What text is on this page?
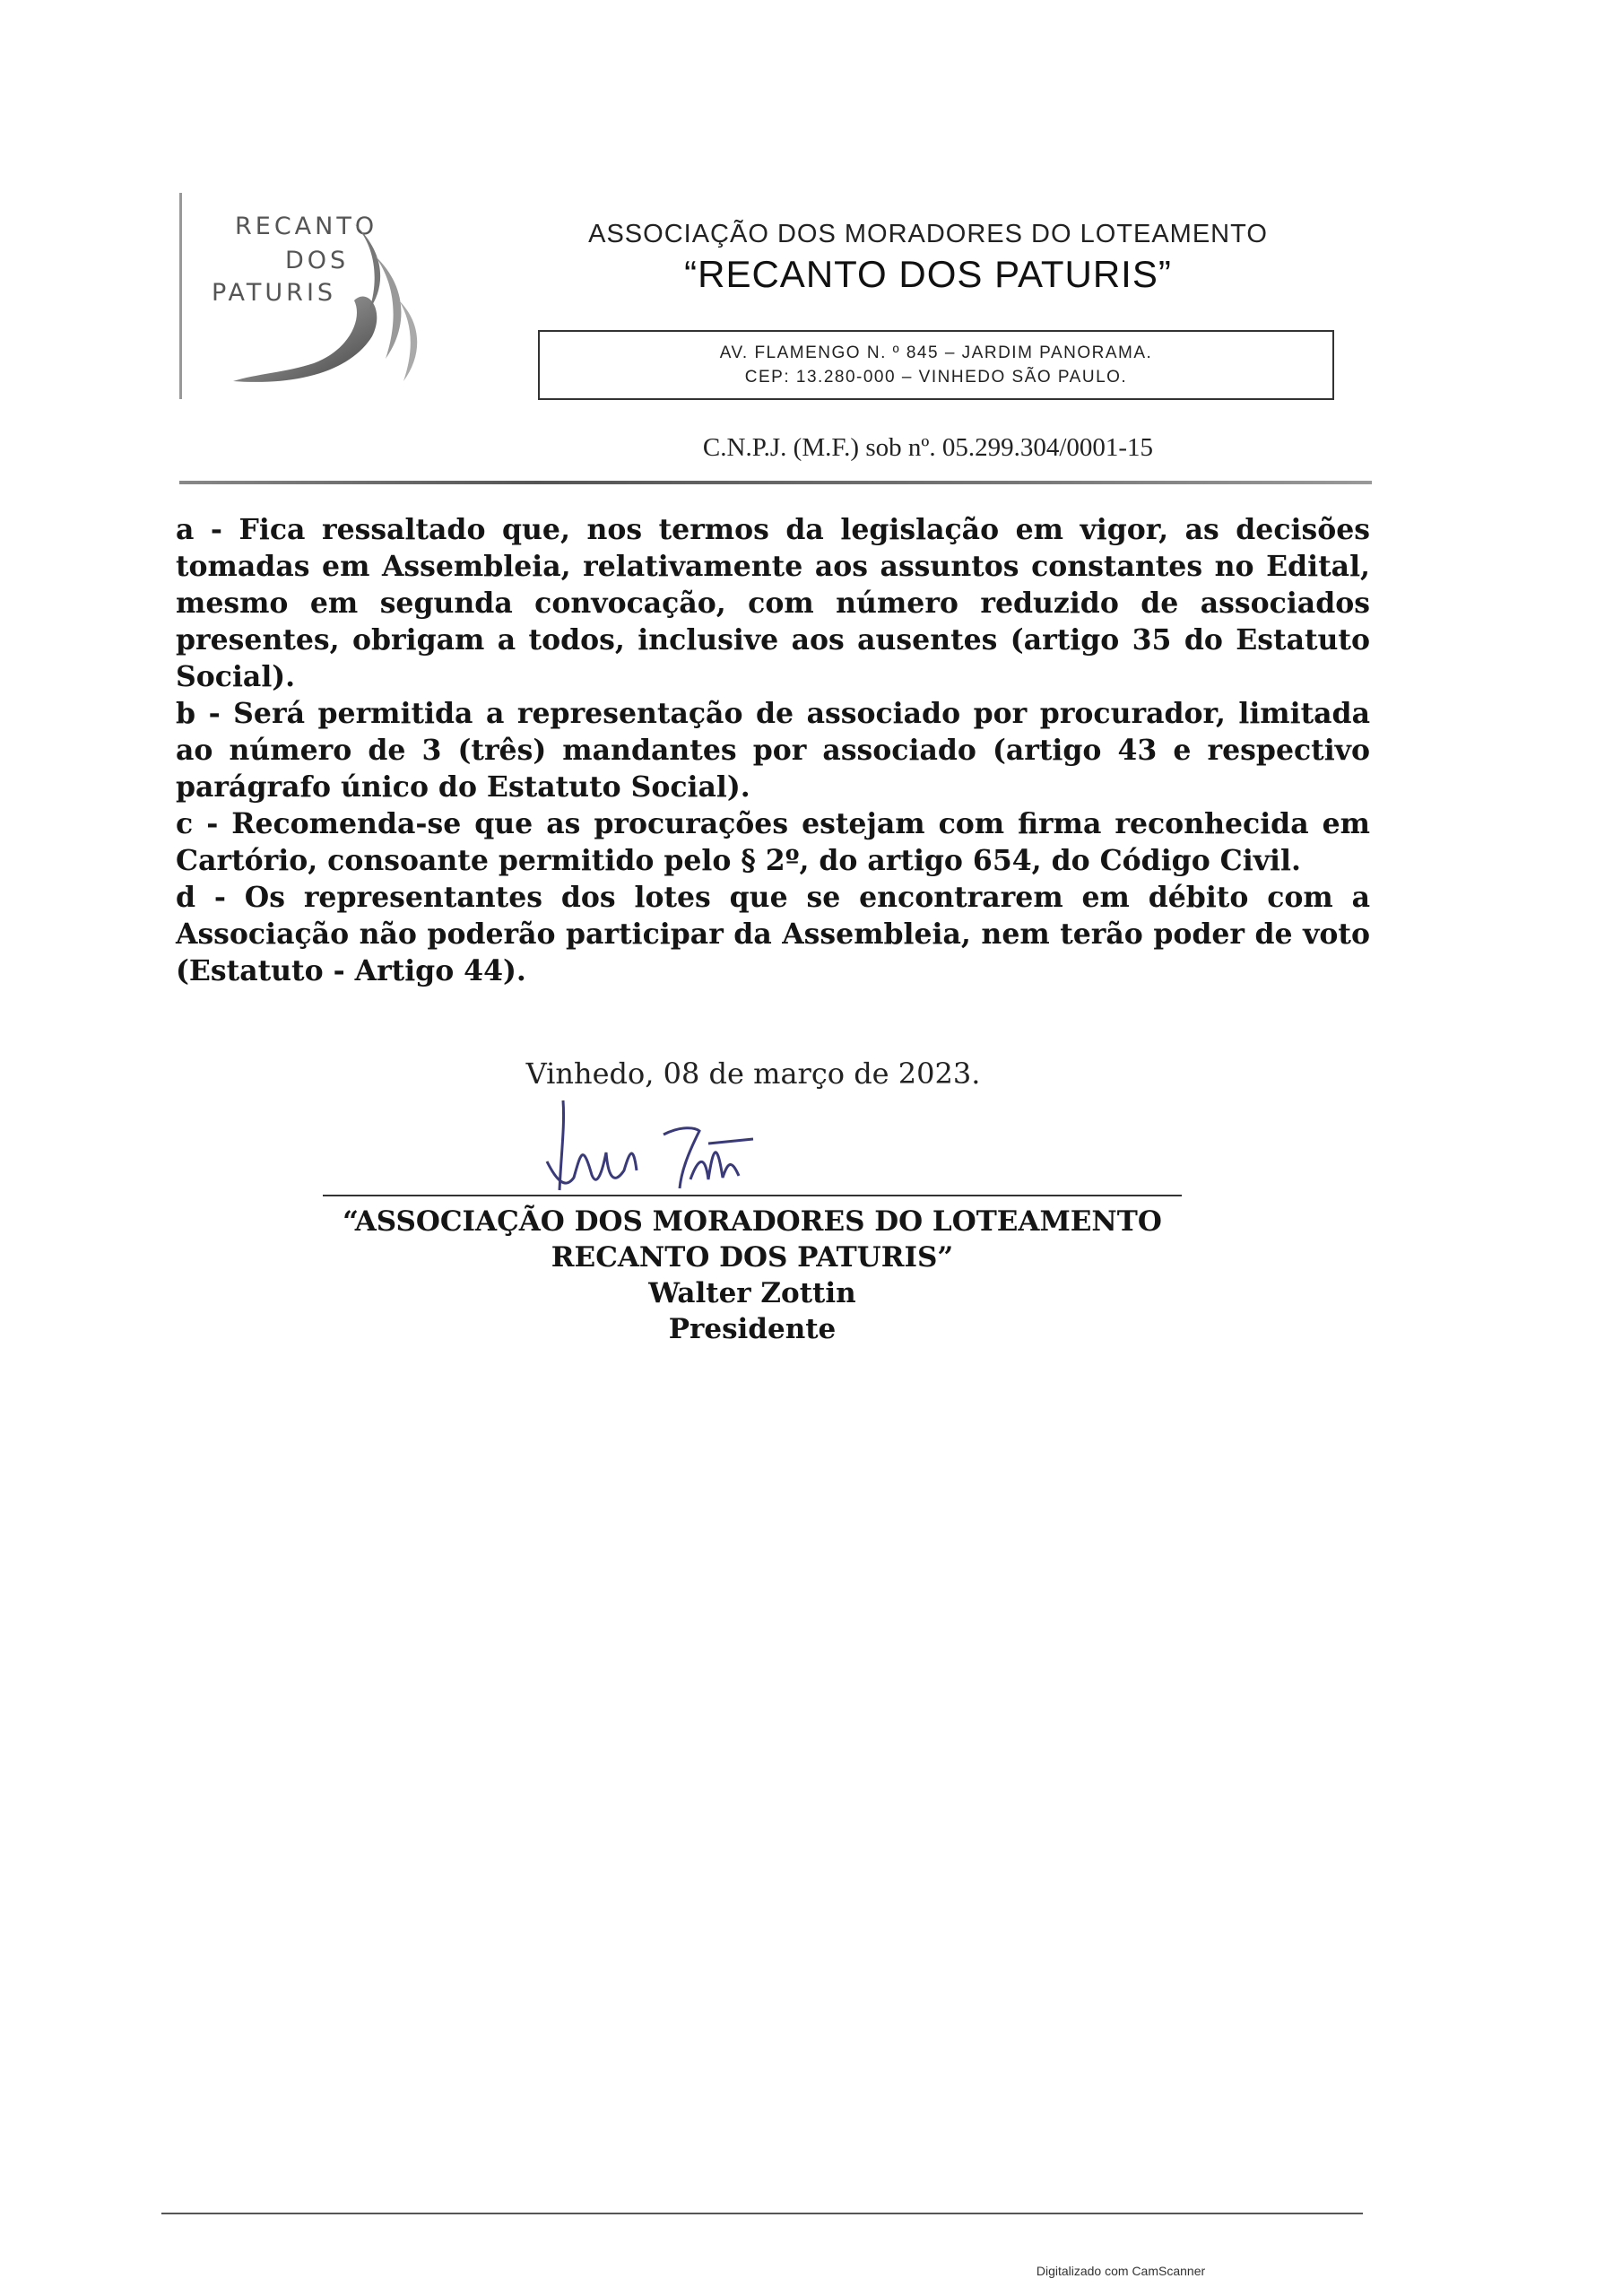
RECANTO
DOS
PATURIS
ASSOCIAÇÃO DOS MORADORES DO LOTEAMENTO
“RECANTO DOS PATURIS”
AV. FLAMENGO N. º 845 – JARDIM PANORAMA.
CEP: 13.280-000 – VINHEDO SÃO PAULO.
C.N.P.J. (M.F.) sob nº. 05.299.304/0001-15

a - Fica ressaltado que, nos termos da legislação em vigor, as decisões tomadas em Assembleia, relativamente aos assuntos constantes no Edital, mesmo em segunda convocação, com número reduzido de associados presentes, obrigam a todos, inclusive aos ausentes (artigo 35 do Estatuto Social).

b - Será permitida a representação de associado por procurador, limitada ao número de 3 (três) mandantes por associado (artigo 43 e respectivo parágrafo único do Estatuto Social).

c - Recomenda-se que as procurações estejam com firma reconhecida em Cartório, consoante permitido pelo § 2º, do artigo 654, do Código Civil.

d - Os representantes dos lotes que se encontrarem em débito com a Associação não poderão participar da Assembleia, nem terão poder de voto (Estatuto - Artigo 44).

Vinhedo, 08 de março de 2023.
“ASSOCIAÇÃO DOS MORADORES DO LOTEAMENTO
RECANTO DOS PATURIS”
Walter Zottin
Presidente
Digitalizado com CamScanner
